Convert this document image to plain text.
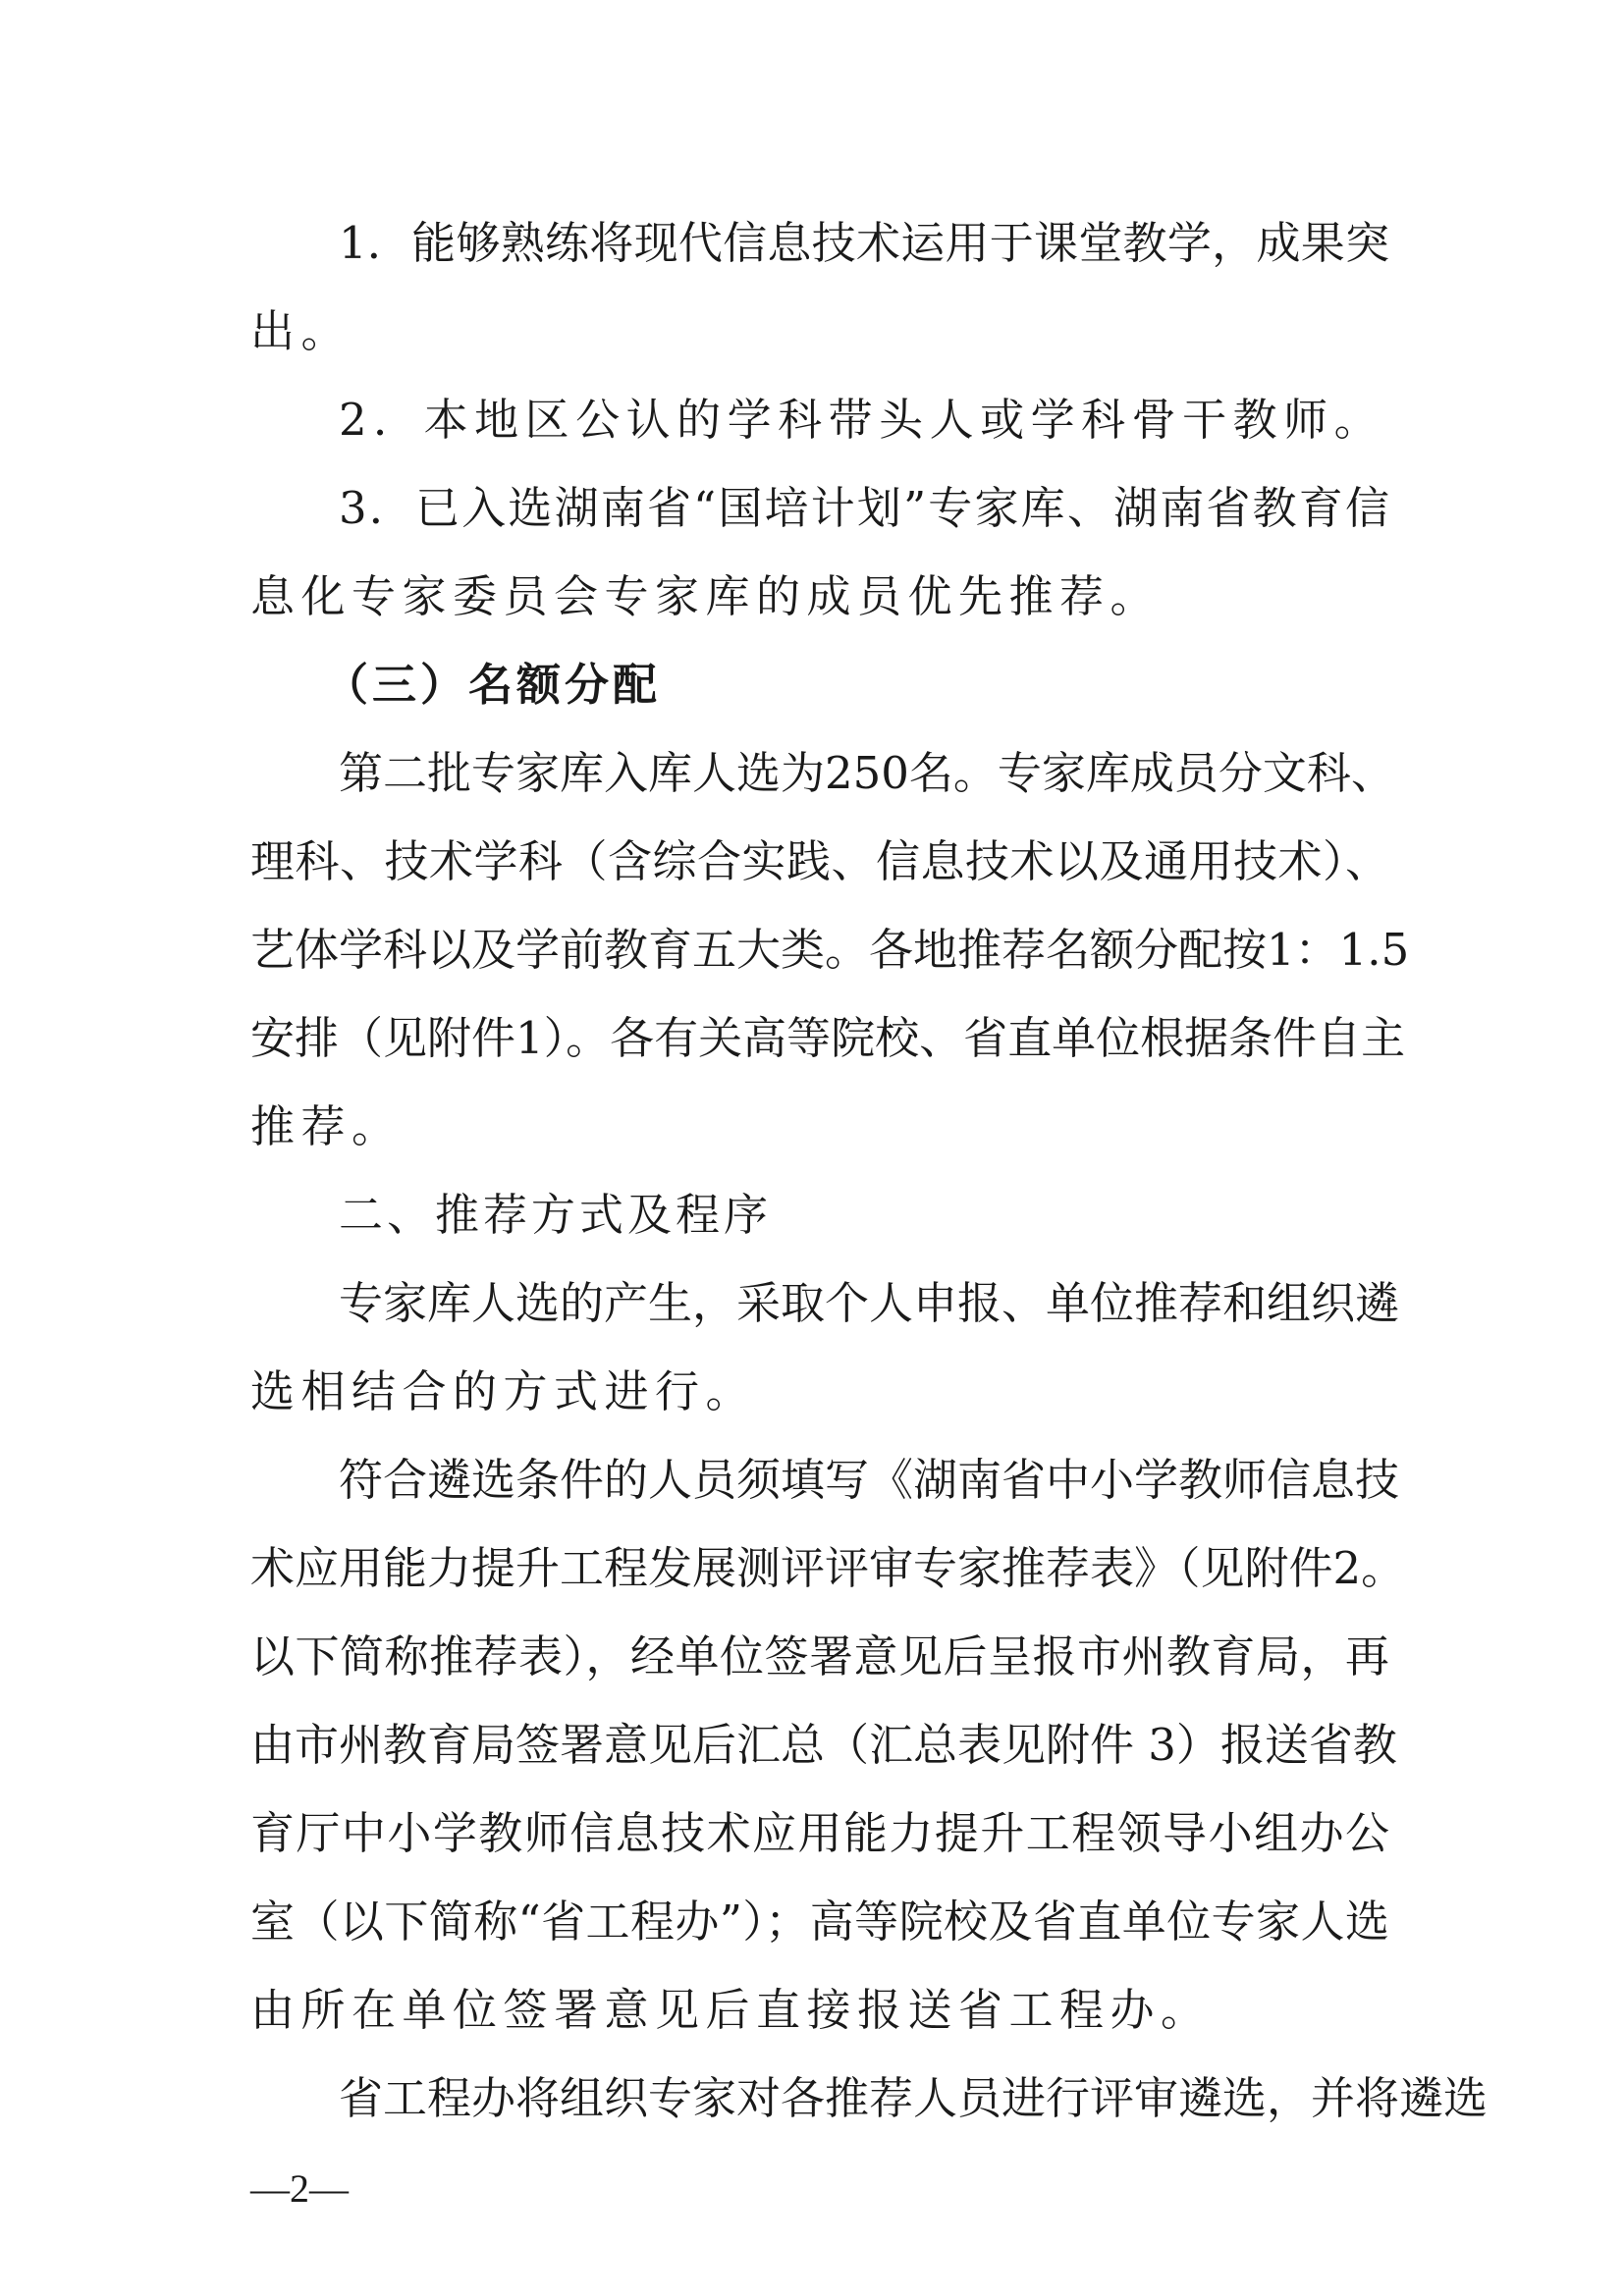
1．能够熟练将现代信息技术运用于课堂教学，成果突
出。
2．本地区公认的学科带头人或学科骨干教师。
3．已入选湖南省“国培计划”专家库、湖南省教育信
息化专家委员会专家库的成员优先推荐。
（三）名额分配
第二批专家库入库人选为250名。专家库成员分文科、
理科、技术学科（含综合实践、信息技术以及通用技术）、
艺体学科以及学前教育五大类。各地推荐名额分配按1：1.5
安排（见附件1）。各有关高等院校、省直单位根据条件自主
推荐。
二、推荐方式及程序
专家库人选的产生，采取个人申报、单位推荐和组织遴
选相结合的方式进行。
符合遴选条件的人员须填写《湖南省中小学教师信息技
术应用能力提升工程发展测评评审专家推荐表》（见附件2。
以下简称推荐表），经单位签署意见后呈报市州教育局，再
由市州教育局签署意见后汇总（汇总表见附件 3）报送省教
育厅中小学教师信息技术应用能力提升工程领导小组办公
室（以下简称“省工程办”）；高等院校及省直单位专家人选
由所在单位签署意见后直接报送省工程办。
省工程办将组织专家对各推荐人员进行评审遴选，并将遴选
—2—
